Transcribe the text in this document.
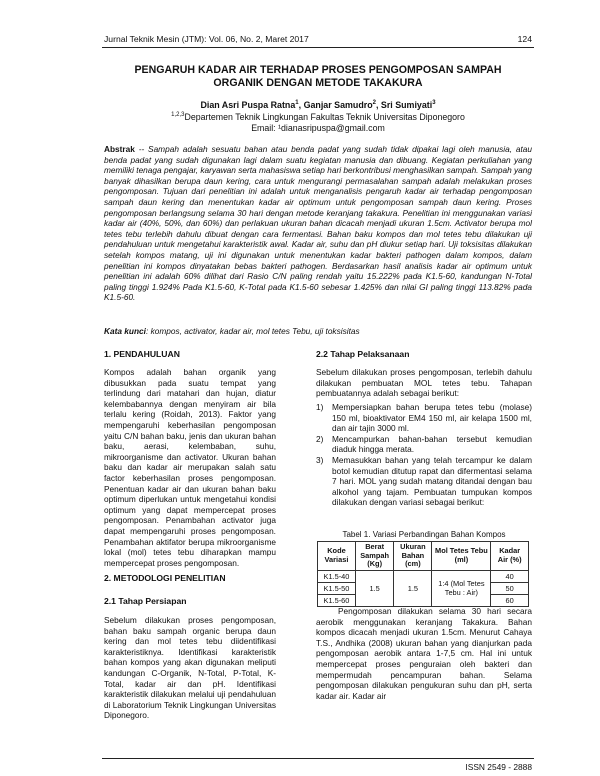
Jurnal Teknik Mesin (JTM): Vol. 06, No. 2, Maret 2017	124
PENGARUH KADAR AIR TERHADAP PROSES PENGOMPOSAN SAMPAH
ORGANIK DENGAN METODE TAKAKURA
Dian Asri Puspa Ratna$^1$, Ganjar Samudro$^2$, Sri Sumiyati$^3$
$^{1,2,3}$Departemen Teknik Lingkungan Fakultas Teknik Universitas Diponegoro
Email: ¹dianasripuspa@gmail.com
Abstrak -- Sampah adalah sesuatu bahan atau benda padat yang sudah tidak dipakai lagi oleh manusia, atau benda padat yang sudah digunakan lagi dalam suatu kegiatan manusia dan dibuang. Kegiatan perkuliahan yang memiliki tenaga pengajar, karyawan serta mahasiswa setiap hari berkontribusi menghasilkan sampah. Sampah yang banyak dihasilkan berupa daun kering, cara untuk mengurangi permasalahan sampah adalah melakukan proses pengomposan. Tujuan dari penelitian ini adalah untuk menganalisis pengaruh kadar air terhadap pengomposan sampah daun kering dan menentukan kadar air optimum untuk pengomposan sampah daun kering. Proses pengomposan berlangsung selama 30 hari dengan metode keranjang takakura. Penelitian ini menggunakan variasi kadar air (40%, 50%, dan 60%) dan perlakuan ukuran bahan dicacah menjadi ukuran 1.5cm. Activator berupa mol tetes tebu terlebih dahulu dibuat dengan cara fermentasi. Bahan baku kompos dan mol tetes tebu dilakukan uji pendahuluan untuk mengetahui karakteristik awal. Kadar air, suhu dan pH diukur setiap hari. Uji toksisitas dilakukan setelah kompos matang, uji ini digunakan untuk menentukan kadar bakteri pathogen dalam kompos, dalam penelitian ini kompos dinyatakan bebas bakteri pathogen. Berdasarkan hasil analisis kadar air optimum untuk penelitian ini adalah 60% dilihat dari Rasio C/N paling rendah yaitu 15.222% pada K1.5-60, kandungan N-Total paling tinggi 1.924% Pada K1.5-60, K-Total pada K1.5-60 sebesar 1.425% dan nilai GI paling tinggi 113.82% pada K1.5-60.
Kata kunci: kompos, activator, kadar air, mol tetes Tebu, uji toksisitas
1. PENDAHULUAN
Kompos adalah bahan organik yang dibusukkan pada suatu tempat yang terlindung dari matahari dan hujan, diatur kelembabannya dengan menyiram air bila terlalu kering (Roidah, 2013). Faktor yang mempengaruhi keberhasilan pengomposan yaitu C/N bahan baku, jenis dan ukuran bahan baku, aerasi, kelembaban, suhu, mikroorganisme dan activator. Ukuran bahan baku dan kadar air merupakan salah satu factor keberhasilan proses pengomposan. Penentuan kadar air dan ukuran bahan baku optimum diperlukan untuk mengetahui kondisi optimum yang dapat mempercepat proses pengomposan. Penambahan activator juga dapat mempengaruhi proses pengomposan. Penambahan aktifator berupa mikroorganisme lokal (mol) tetes tebu diharapkan mampu mempercepat proses pengomposan.
2. METODOLOGI PENELITIAN
2.1 Tahap Persiapan
Sebelum dilakukan proses pengomposan, bahan baku sampah organic berupa daun kering dan mol tetes tebu diidentifikasi karakteristiknya. Identifikasi karakteristik bahan kompos yang akan digunakan meliputi kandungan C-Organik, N-Total, P-Total, K-Total, kadar air dan pH. Identifikasi karakteristik dilakukan melalui uji pendahuluan di Laboratorium Teknik Lingkungan Universitas Diponegoro.
2.2 Tahap Pelaksanaan
Sebelum dilakukan proses pengomposan, terlebih dahulu dilakukan pembuatan MOL tetes tebu. Tahapan pembuatannya adalah sebagai berikut:
1) Mempersiapkan bahan berupa tetes tebu (molase) 150 ml, bioaktivator EM4 150 ml, air kelapa 1500 ml, dan air tajin 3000 ml.
2) Mencampurkan bahan-bahan tersebut kemudian diaduk hingga merata.
3) Memasukkan bahan yang telah tercampur ke dalam botol kemudian ditutup rapat dan difermentasi selama 7 hari. MOL yang sudah matang ditandai dengan bau alkohol yang tajam. Pembuatan tumpukan kompos dilakukan dengan variasi sebagai berikut:
Tabel 1. Variasi Perbandingan Bahan Kompos
Kode Variasi	Berat Sampah (Kg)	Ukuran Bahan (cm)	Mol Tetes Tebu (ml)	Kadar Air (%)
K1.5-40	1.5	1.5	1:4 (Mol Tetes Tebu : Air)	40
K1.5-50				50
K1.5-60				60
Pengomposan dilakukan selama 30 hari secara aerobik menggunakan keranjang Takakura. Bahan kompos dicacah menjadi ukuran 1.5cm. Menurut Cahaya T.S., Andhika (2008) ukuran bahan yang dianjurkan pada pengomposan aerobik antara 1-7,5 cm. Hal ini untuk mempercepat proses penguraian oleh bakteri dan mempermudah pencampuran bahan. Selama pengomposan dilakukan pengukuran suhu dan pH, serta kadar air. Kadar air
ISSN 2549 - 2888
